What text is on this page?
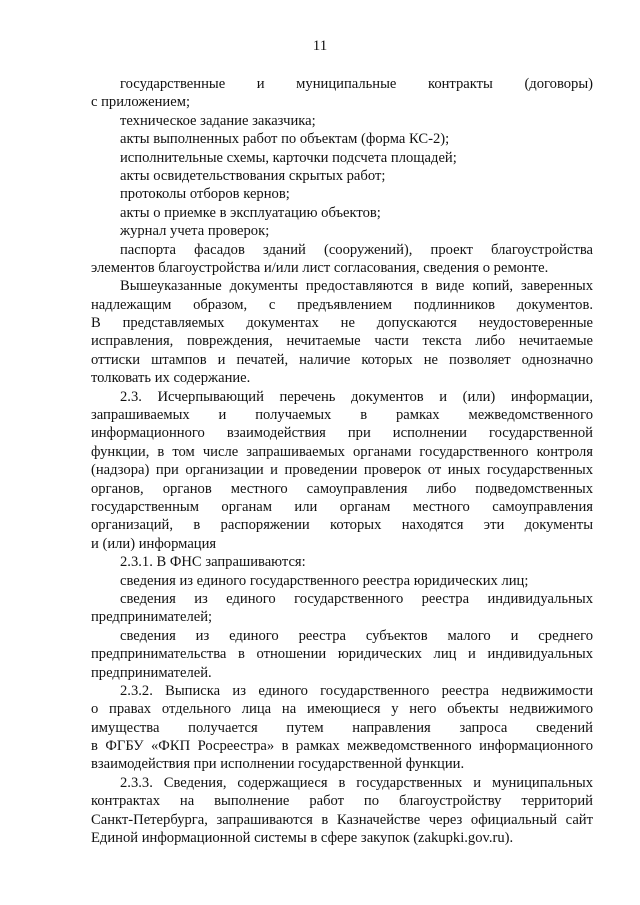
11
государственные и муниципальные контракты (договоры)
с приложением;
техническое задание заказчика;
акты выполненных работ по объектам (форма КС-2);
исполнительные схемы, карточки подсчета площадей;
акты освидетельствования скрытых работ;
протоколы отборов кернов;
акты о приемке в эксплуатацию объектов;
журнал учета проверок;
паспорта фасадов зданий (сооружений), проект благоустройства
элементов благоустройства и/или лист согласования, сведения о ремонте.
Вышеуказанные документы предоставляются в виде копий, заверенных
надлежащим образом, с предъявлением подлинников документов.
В представляемых документах не допускаются неудостоверенные
исправления, повреждения, нечитаемые части текста либо нечитаемые
оттиски штампов и печатей, наличие которых не позволяет однозначно
толковать их содержание.
2.3. Исчерпывающий перечень документов и (или) информации,
запрашиваемых и получаемых в рамках межведомственного
информационного взаимодействия при исполнении государственной
функции, в том числе запрашиваемых органами государственного контроля
(надзора) при организации и проведении проверок от иных государственных
органов, органов местного самоуправления либо подведомственных
государственным органам или органам местного самоуправления
организаций, в распоряжении которых находятся эти документы
и (или) информация
2.3.1. В ФНС запрашиваются:
сведения из единого государственного реестра юридических лиц;
сведения из единого государственного реестра индивидуальных
предпринимателей;
сведения из единого реестра субъектов малого и среднего
предпринимательства в отношении юридических лиц и индивидуальных
предпринимателей.
2.3.2. Выписка из единого государственного реестра недвижимости
о правах отдельного лица на имеющиеся у него объекты недвижимого
имущества получается путем направления запроса сведений
в ФГБУ «ФКП Росреестра» в рамках межведомственного информационного
взаимодействия при исполнении государственной функции.
2.3.3. Сведения, содержащиеся в государственных и муниципальных
контрактах на выполнение работ по благоустройству территорий
Санкт-Петербурга, запрашиваются в Казначействе через официальный сайт
Единой информационной системы в сфере закупок (zakupki.gov.ru).
